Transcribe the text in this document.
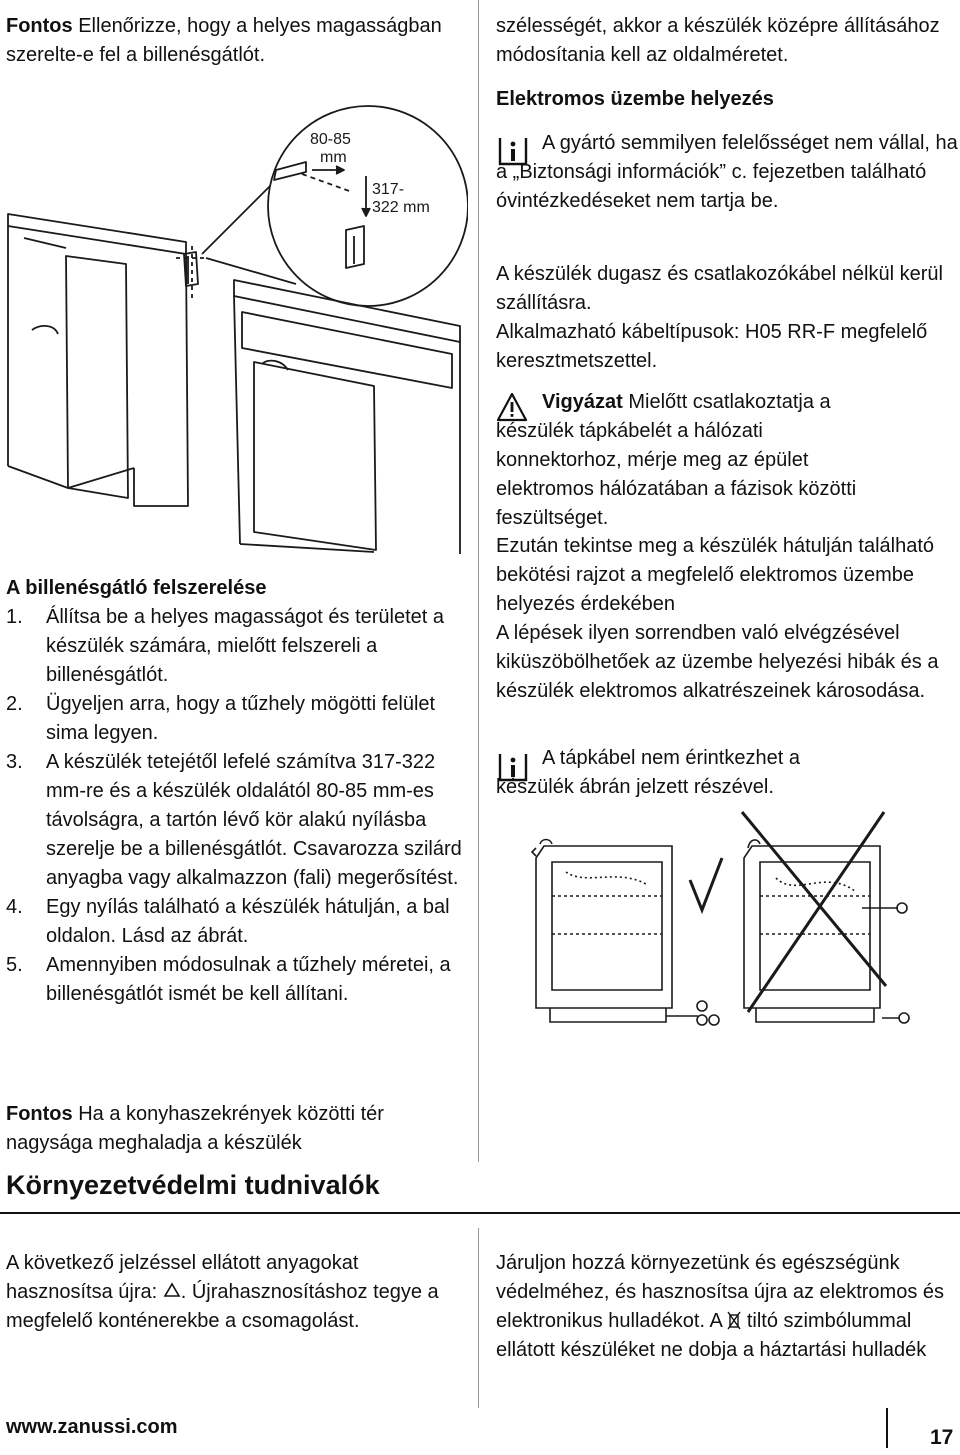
Fontos Ellenőrizze, hogy a helyes magasságban szerelte-e fel a billenésgátlót.
80-85
mm
317-
322 mm
A billenésgátló felszerelése
1. Állítsa be a helyes magasságot és területet a készülék számára, mielőtt felszereli a billenésgátlót.
2. Ügyeljen arra, hogy a tűzhely mögötti felület sima legyen.
3. A készülék tetejétől lefelé számítva 317-322 mm-re és a készülék oldalától 80-85 mm-es távolságra, a tartón lévő kör alakú nyílásba szerelje be a billenésgátlót. Csavarozza szilárd anyagba vagy alkalmazzon (fali) megerősítést.
4. Egy nyílás található a készülék hátulján, a bal oldalon. Lásd az ábrát.
5. Amennyiben módosulnak a tűzhely méretei, a billenésgátlót ismét be kell állítani.
Fontos Ha a konyhaszekrények közötti tér nagysága meghaladja a készülék
szélességét, akkor a készülék középre állításához módosítania kell az oldalméretet.
Elektromos üzembe helyezés
A gyártó semmilyen felelősséget nem vállal, ha a „Biztonsági információk” c. fejezetben található óvintézkedéseket nem tartja be.
A készülék dugasz és csatlakozókábel nélkül kerül szállításra.
Alkalmazható kábeltípusok: H05 RR-F megfelelő keresztmetszettel.
Vigyázat Mielőtt csatlakoztatja a készülék tápkábelét a hálózati konnektorhoz, mérje meg az épület elektromos hálózatában a fázisok közötti feszültséget.
Ezután tekintse meg a készülék hátulján található bekötési rajzot a megfelelő elektromos üzembe helyezés érdekében
A lépések ilyen sorrendben való elvégzésével kiküszöbölhetőek az üzembe helyezési hibák és a készülék elektromos alkatrészeinek károsodása.
A tápkábel nem érintkezhet a készülék ábrán jelzett részével.
Környezetvédelmi tudnivalók
A következő jelzéssel ellátott anyagokat hasznosítsa újra: . Újrahasznosításhoz tegye a megfelelő konténerekbe a csomagolást.
Járuljon hozzá környezetünk és egészségünk védelméhez, és hasznosítsa újra az elektromos és elektronikus hulladékot. A  tiltó szimbólummal ellátott készüléket ne dobja a háztartási hulladék
www.zanussi.com	17
